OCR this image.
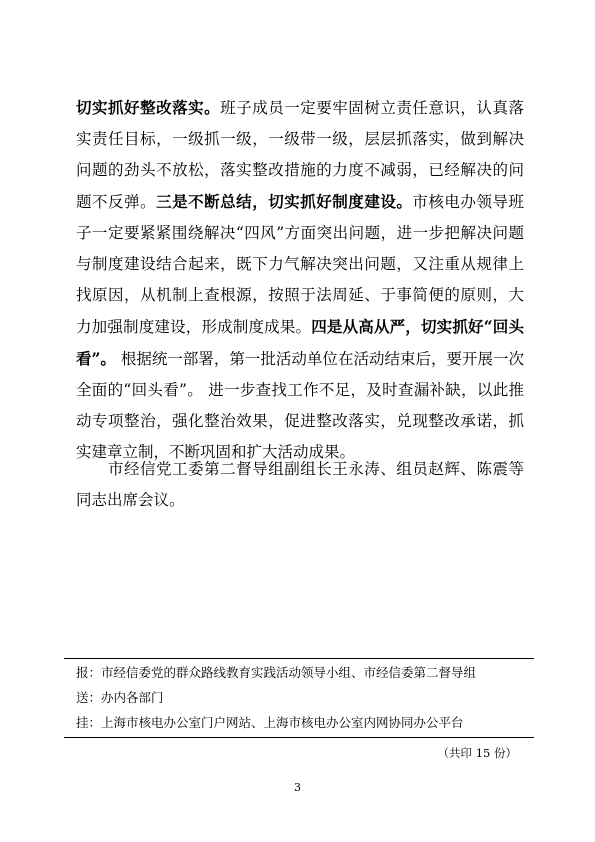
切实抓好整改落实。班子成员一定要牢固树立责任意识，认真落实责任目标，一级抓一级，一级带一级，层层抓落实，做到解决问题的劲头不放松，落实整改措施的力度不减弱，已经解决的问题不反弹。三是不断总结，切实抓好制度建设。市核电办领导班子一定要紧紧围绕解决“四风”方面突出问题，进一步把解决问题与制度建设结合起来，既下力气解决突出问题，又注重从规律上找原因，从机制上查根源，按照于法周延、于事简便的原则，大力加强制度建设，形成制度成果。四是从高从严，切实抓好“回头看”。 根据统一部署，第一批活动单位在活动结束后，要开展一次全面的“回头看”。 进一步查找工作不足，及时查漏补缺，以此推动专项整治，强化整治效果，促进整改落实，兑现整改承诺，抓实建章立制，不断巩固和扩大活动成果。

市经信党工委第二督导组副组长王永涛、组员赵辉、陈震等同志出席会议。

报：市经信委党的群众路线教育实践活动领导小组、市经信委第二督导组
送：办内各部门
挂：上海市核电办公室门户网站、上海市核电办公室内网协同办公平台
（共印 15 份）
3
